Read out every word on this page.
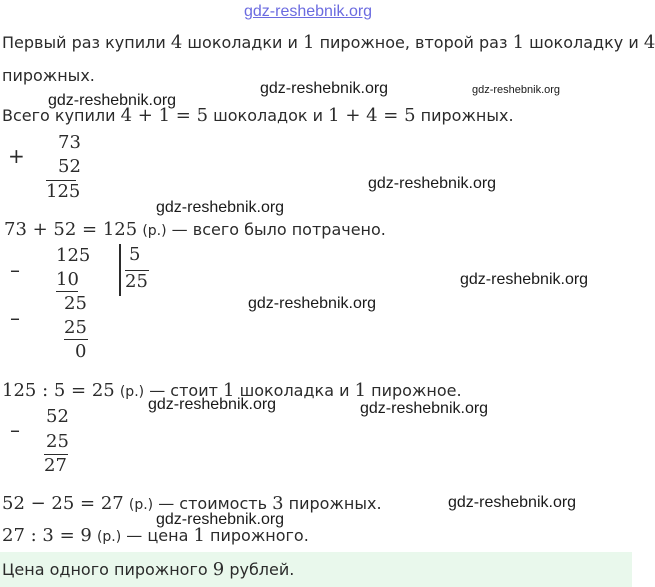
gdz-reshebnik.org
Первый раз купили 4 шоколадки и 1 пирожное, второй раз 1 шоколадку и 4
пирожных.
gdz-reshebnik.org	gdz-reshebnik.org
gdz-reshebnik.org
Всего купили 4 + 1 = 5 шоколадок и 1 + 4 = 5 пирожных.
+
73
52
125	gdz-reshebnik.org
gdz-reshebnik.org
73 + 52 = 125 (р.) — всего было потрачено.
–
125
10
5
25	gdz-reshebnik.org
–
25	gdz-reshebnik.org
25
0
125 : 5 = 25 (р.) — стоит 1 шоколадка и 1 пирожное.
gdz-reshebnik.org	gdz-reshebnik.org
–
52
25
27
52 − 25 = 27 (р.) — стоимость 3 пирожных.	gdz-reshebnik.org
gdz-reshebnik.org
27 : 3 = 9 (р.) — цена 1 пирожного.
Цена одного пирожного 9 рублей.
gdz-reshebnik.org
